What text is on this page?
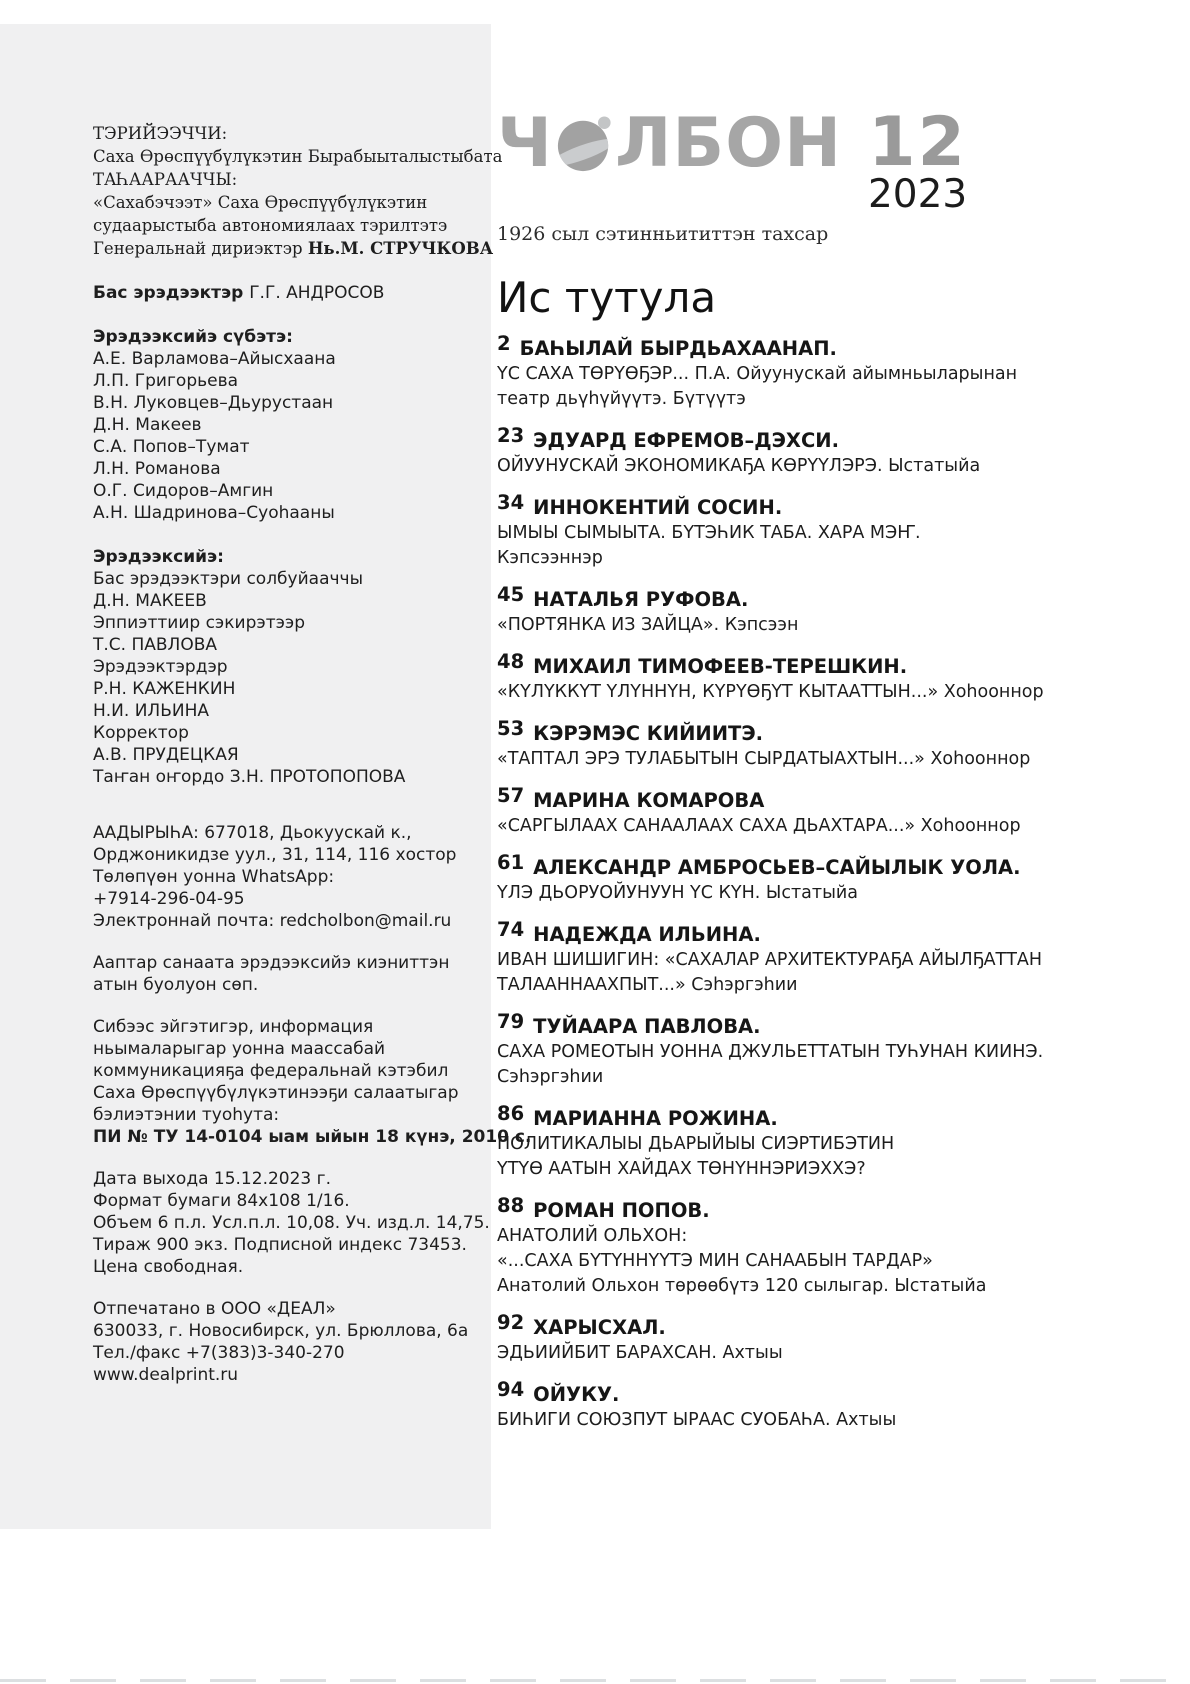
ТЭРИЙЭЭЧЧИ:
Саха Өрөспүүбүлүкэтин Бырабыыталыстыбата
ТАҺААРААЧЧЫ:
«Сахабэчээт» Саха Өрөспүүбүлүкэтин
судаарыстыба автономиялаах тэрилтэтэ
Генеральнай дириэктэр Нь.М. СТРУЧКОВА
Бас эрэдээктэр Г.Г. АНДРОСОВ
Эрэдээксийэ сүбэтэ:
А.Е. Варламова–Айысхаана
Л.П. Григорьева
В.Н. Луковцев–Дьурустаан
Д.Н. Макеев
С.А. Попов–Тумат
Л.Н. Романова
О.Г. Сидоров–Амгин
А.Н. Шадринова–Суоһааны
Эрэдээксийэ:
Бас эрэдээктэри солбуйааччы
Д.Н. МАКЕЕВ
Эппиэттиир сэкирэтээр
Т.С. ПАВЛОВА
Эрэдээктэрдэр
Р.Н. КАЖЕНКИН
Н.И. ИЛЬИНА
Корректор
А.В. ПРУДЕЦКАЯ
Таҥан оҥордо З.Н. ПРОТОПОПОВА
ААДЫРЫҺА: 677018, Дьокуускай к.,
Орджоникидзе уул., 31, 114, 116 хостор
Төлөпүөн уонна WhatsApp:
+7914-296-04-95
Электроннай почта: redcholbon@mail.ru
Ааптар санаата эрэдээксийэ киэниттэн
атын буолуон сөп.
Сибээс эйгэтигэр, информация
ньымаларыгар уонна маассабай
коммуникацияҕа федеральнай кэтэбил
Саха Өрөспүүбүлүкэтинээҕи салаатыгар
бэлиэтэнии туоһута:
ПИ № ТУ 14-0104 ыам ыйын 18 күнэ, 2010 с.
Дата выхода 15.12.2023 г.
Формат бумаги 84х108 1/16.
Объем 6 п.л. Усл.п.л. 10,08. Уч. изд.л. 14,75.
Тираж 900 экз. Подписной индекс 73453.
Цена свободная.
Отпечатано в ООО «ДЕАЛ»
630033, г. Новосибирск, ул. Брюллова, 6а
Тел./факс +7(383)3-340-270
www.dealprint.ru
Ч ЛБОН 12
2023
1926 сыл сэтинньититтэн тахсар
Ис тутула
2 БАҺЫЛАЙ БЫРДЬАХААНАП.
ҮС САХА ТӨРҮӨҔЭР... П.А. Ойуунускай айымньыларынан
театр дьүһүйүүтэ. Бүтүүтэ
23 ЭДУАРД ЕФРЕМОВ–ДЭХСИ.
ОЙУУНУСКАЙ ЭКОНОМИКАҔА КӨРҮҮЛЭРЭ. Ыстатыйа
34 ИННОКЕНТИЙ СОСИН.
ЫМЫЫ СЫМЫЫТА. БҮТЭҺИК ТАБА. ХАРА МЭҤ.
Кэпсээннэр
45 НАТАЛЬЯ РУФОВА.
«ПОРТЯНКА ИЗ ЗАЙЦА». Кэпсээн
48 МИХАИЛ ТИМОФЕЕВ-ТЕРЕШКИН.
«КҮЛҮККҮТ ҮЛҮННҮН, КҮРҮӨҔҮТ КЫТААТТЫН...» Хоһооннор
53 КЭРЭМЭС КИЙИИТЭ.
«ТАПТАЛ ЭРЭ ТУЛАБЫТЫН СЫРДАТЫАХТЫН...» Хоһооннор
57 МАРИНА КОМАРОВА
«САРГЫЛААХ САНААЛААХ САХА ДЬАХТАРА...» Хоһооннор
61 АЛЕКСАНДР АМБРОСЬЕВ–САЙЫЛЫК УОЛА.
ҮЛЭ ДЬОРУОЙУНУУН ҮС КҮН. Ыстатыйа
74 НАДЕЖДА ИЛЬИНА.
ИВАН ШИШИГИН: «САХАЛАР АРХИТЕКТУРАҔА АЙЫЛҔАТТАН
ТАЛААННААХПЫТ...» Сэһэргэһии
79 ТУЙААРА ПАВЛОВА.
САХА РОМЕОТЫН УОННА ДЖУЛЬЕТТАТЫН ТУҺУНАН КИИНЭ.
Сэһэргэһии
86 МАРИАННА РОЖИНА.
ПОЛИТИКАЛЫЫ ДЬАРЫЙЫЫ СИЭРТИБЭТИН
ҮТҮӨ ААТЫН ХАЙДАХ ТӨНҮННЭРИЭХХЭ?
88 РОМАН ПОПОВ.
АНАТОЛИЙ ОЛЬХОН:
«...САХА БҮТҮННҮҮТЭ МИН САНААБЫН ТАРДАР»
Анатолий Ольхон төрөөбүтэ 120 сылыгар. Ыстатыйа
92 ХАРЫСХАЛ.
ЭДЬИИЙБИТ БАРАХСАН. Ахтыы
94 ОЙУКУ.
БИҺИГИ СОЮЗПУТ ЫРААС СУОБАҺА. Ахтыы
